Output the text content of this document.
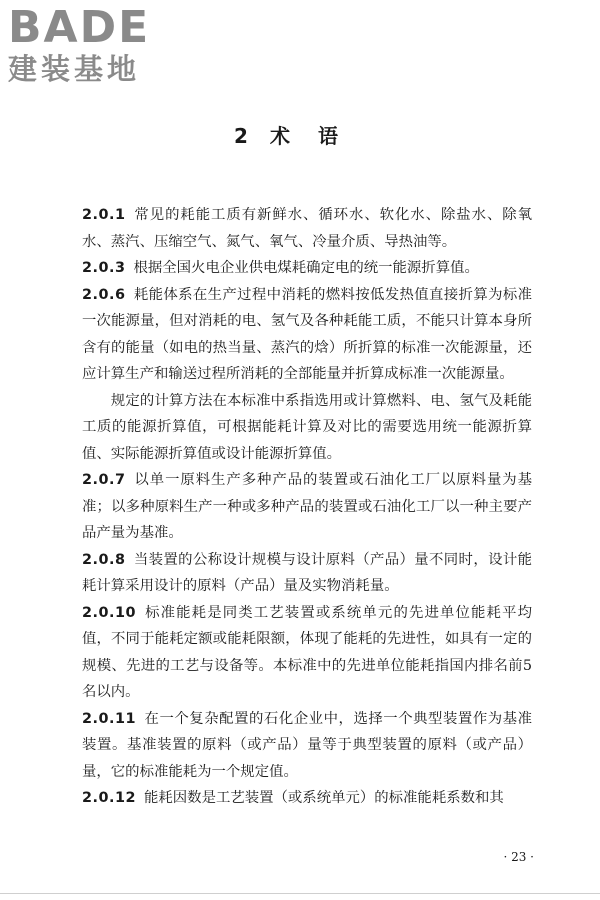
BADE
建装基地
2 术语

2.0.1 常见的耗能工质有新鲜水、循环水、软化水、除盐水、除氧水、蒸汽、压缩空气、氮气、氧气、冷量介质、导热油等。

2.0.3 根据全国火电企业供电煤耗确定电的统一能源折算值。

2.0.6 耗能体系在生产过程中消耗的燃料按低发热值直接折算为标准一次能源量，但对消耗的电、氢气及各种耗能工质，不能只计算本身所含有的能量（如电的热当量、蒸汽的焓）所折算的标准一次能源量，还应计算生产和输送过程所消耗的全部能量并折算成标准一次能源量。

规定的计算方法在本标准中系指选用或计算燃料、电、氢气及耗能工质的能源折算值，可根据能耗计算及对比的需要选用统一能源折算值、实际能源折算值或设计能源折算值。

2.0.7 以单一原料生产多种产品的装置或石油化工厂以原料量为基准；以多种原料生产一种或多种产品的装置或石油化工厂以一种主要产品产量为基准。

2.0.8 当装置的公称设计规模与设计原料（产品）量不同时，设计能耗计算采用设计的原料（产品）量及实物消耗量。

2.0.10 标准能耗是同类工艺装置或系统单元的先进单位能耗平均值，不同于能耗定额或能耗限额，体现了能耗的先进性，如具有一定的规模、先进的工艺与设备等。本标准中的先进单位能耗指国内排名前5名以内。

2.0.11 在一个复杂配置的石化企业中，选择一个典型装置作为基准装置。基准装置的原料（或产品）量等于典型装置的原料（或产品）量，它的标准能耗为一个规定值。

2.0.12 能耗因数是工艺装置（或系统单元）的标准能耗系数和其

· 23 ·
